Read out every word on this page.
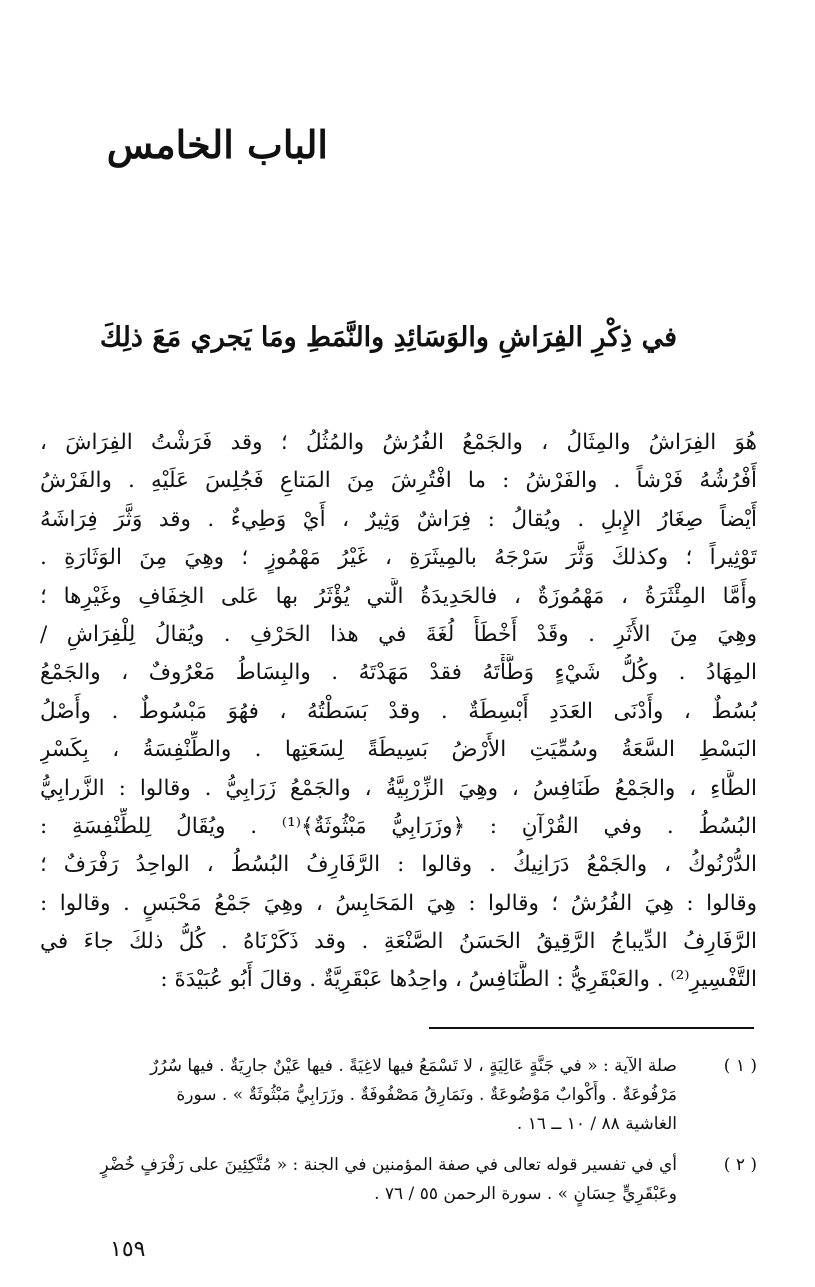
الباب الخامس
في ذِكْرِ الفِرَاشِ والوَسَائِدِ والنَّمَطِ ومَا يَجري مَعَ ذلِكَ
هُوَ الفِرَاشُ والمِثَالُ ، والجَمْعُ الفُرُشُ والمُثُلُ ؛ وقد فَرَشْتُ الفِرَاشَ ،
أَفْرُشُهُ فَرْشاً . والفَرْشُ : ما افْتُرِشَ مِنَ المَتاعِ فَجُلِسَ عَلَيْهِ . والفَرْشُ
أَيْضاً صِغَارُ الإِبلِ . ويُقالُ : فِرَاشٌ وَثِيرٌ ، أَيْ وَطِيءٌ . وقد وَثَّرَ فِرَاشَهُ
تَوْثِيراً ؛ وكذلكَ وَثَّرَ سَرْجَهُ بالمِيثَرَةِ ، غَيْرُ مَهْمُوزٍ ؛ وهِيَ مِنَ الوَثَارَةِ .
وأَمَّا المِئْثَرَةُ ، مَهْمُوزَةٌ ، فالحَدِيدَةُ الَّتي يُؤْثَرُ بها عَلى الخِفَافِ وغَيْرِها ؛
وهِيَ مِنَ الأَثَرِ . وقَدْ أَخْطَأَ لُغَةَ في هذا الحَرْفِ . ويُقالُ لِلْفِرَاشِ /
المِهَادُ . وكُلُّ شَيْءٍ وَطَّأْتَهُ فقدْ مَهَدْتَهُ . والبِسَاطُ مَعْرُوفٌ ، والجَمْعُ
بُسُطٌ ، وأَدْنَى العَدَدِ أَبْسِطَةٌ . وقدْ بَسَطْتُهُ ، فهُوَ مَبْسُوطٌ . وأَصْلُ
البَسْطِ السَّعَةُ وسُمِّيَتِ الأَرْضُ بَسِيطَةً لِسَعَتِها . والطِّنْفِسَةُ ، بِكَسْرِ
الطَّاءِ ، والجَمْعُ طَنَافِسُ ، وهِيَ الزِّرْبِيَّةُ ، والجَمْعُ زَرَابِيُّ . وقالوا : الزَّرابِيُّ
البُسُطُ . وفي القُرْآنِ : ﴿وزَرَابِيُّ مَبْثُوثَةٌ﴾⁽¹⁾ . ويُقَالُ لِلطِّنْفِسَةِ :
الدُّرْنُوكُ ، والجَمْعُ دَرَانِيكُ . وقالوا : الرَّفَارِفُ البُسُطُ ، الواحِدُ رَفْرَفٌ ؛
وقالوا : هِيَ الفُرُشُ ؛ وقالوا : هِيَ المَحَابِسُ ، وهِيَ جَمْعُ مَحْبَسٍ . وقالوا :
الرَّفَارِفُ الدِّيباجُ الرَّقِيقُ الحَسَنُ الصَّنْعَةِ . وقد ذَكَرْنَاهُ . كُلُّ ذلكَ جاءَ في
التَّفْسِيرِ⁽²⁾ . والعَبْقَرِيُّ : الطَّنَافِسُ ، واحِدُها عَبْقَرِيَّةٌ . وقالَ أَبُو عُبَيْدَةَ :
( ١ )
صلة الآية : « في جَنَّةٍ عَالِيَةٍ ، لا تَسْمَعُ فيها لاغِيَةً . فيها عَيْنٌ جارِيَةٌ . فيها سُرُرٌ
مَرْفُوعَةٌ . وأَكْوابٌ مَوْضُوعَةٌ . ونَمَارِقُ مَصْفُوفَةٌ . وزَرَابِيُّ مَبْثُوثَةٌ » . سورة
الغاشية ٨٨ / ١٠ ــ ١٦ .
( ٢ )
أي في تفسير قوله تعالى في صفة المؤمنين في الجنة : « مُتَّكِئِينَ على رَفْرَفٍ خُضْرٍ
وعَبْقَرِيٍّ حِسَانٍ » . سورة الرحمن ٥٥ / ٧٦ .

١٥٩
